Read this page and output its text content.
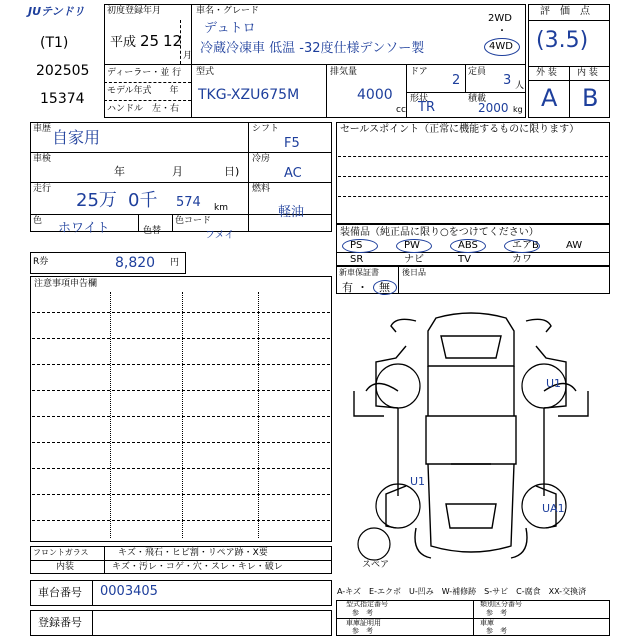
JUテンドリ
(T1)
202505
15374
初度登録年月
平成 25 12
月
車名・グレード
デュトロ
冷蔵冷凍車 低温 -32度仕様デンソー製
2WD
・
4WD
ディーラー・並 行
モデル年式　　年
ハンドル　左・右
型式
TKG-XZU675M
排気量
4000
cc
ドア
2
定員
3 人
形状
TR
積載
2000 kg
評　価　点
(3.5)
外 装 内 装
A B
車歴 自家用
車検
年	月	日)
走行
25万 0千 574 km
色 ホワイト	色替
色コード
フメイ
シフト
F5
冷房
AC
燃料
軽油
R券	8,820 円
セールスポイント（正常に機能するものに限ります）
装備品（純正品に限り○をつけてください）
PS	PW	ABS	エアB	AW
SR	ナビ	TV	カワ
新車保証書
有 ・ 無
後日品
注意事項申告欄
U1
U1
UA1
スペア
フロントガラス	キズ・飛石・ヒビ割・リペア跡・X要
内装	キズ・汚レ・コゲ・穴・スレ・キレ・破レ
車台番号 0003405
登録番号
A-キズ　E-エクボ　U-凹み　W-補修跡　S-サビ　C-腐食　XX-交換済
型式指定番号
参　考
類別区分番号
参　考
車庫証明用
参　考
車庫
参　考
